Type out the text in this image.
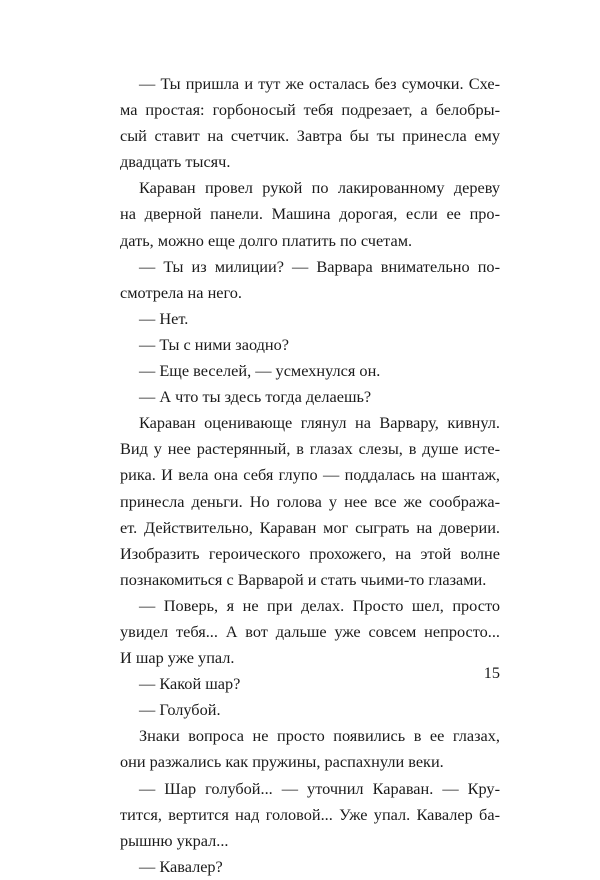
— Ты пришла и тут же осталась без сумочки. Схе-
ма простая: горбоносый тебя подрезает, а белобры-
сый ставит на счетчик. Завтра бы ты принесла ему
двадцать тысяч.
Караван провел рукой по лакированному дереву
на дверной панели. Машина дорогая, если ее про-
дать, можно еще долго платить по счетам.
— Ты из милиции? — Варвара внимательно по-
смотрела на него.
— Нет.
— Ты с ними заодно?
— Еще веселей, — усмехнулся он.
— А что ты здесь тогда делаешь?
Караван оценивающе глянул на Варвару, кивнул.
Вид у нее растерянный, в глазах слезы, в душе исте-
рика. И вела она себя глупо — поддалась на шантаж,
принесла деньги. Но голова у нее все же сообража-
ет. Действительно, Караван мог сыграть на доверии.
Изобразить героического прохожего, на этой волне
познакомиться с Варварой и стать чьими-то глазами.
— Поверь, я не при делах. Просто шел, просто
увидел тебя... А вот дальше уже совсем непросто...
И шар уже упал.
— Какой шар?
— Голубой.
Знаки вопроса не просто появились в ее глазах,
они разжались как пружины, распахнули веки.
— Шар голубой... — уточнил Караван. — Кру-
тится, вертится над головой... Уже упал. Кавалер ба-
рышню украл...
— Кавалер?
15
